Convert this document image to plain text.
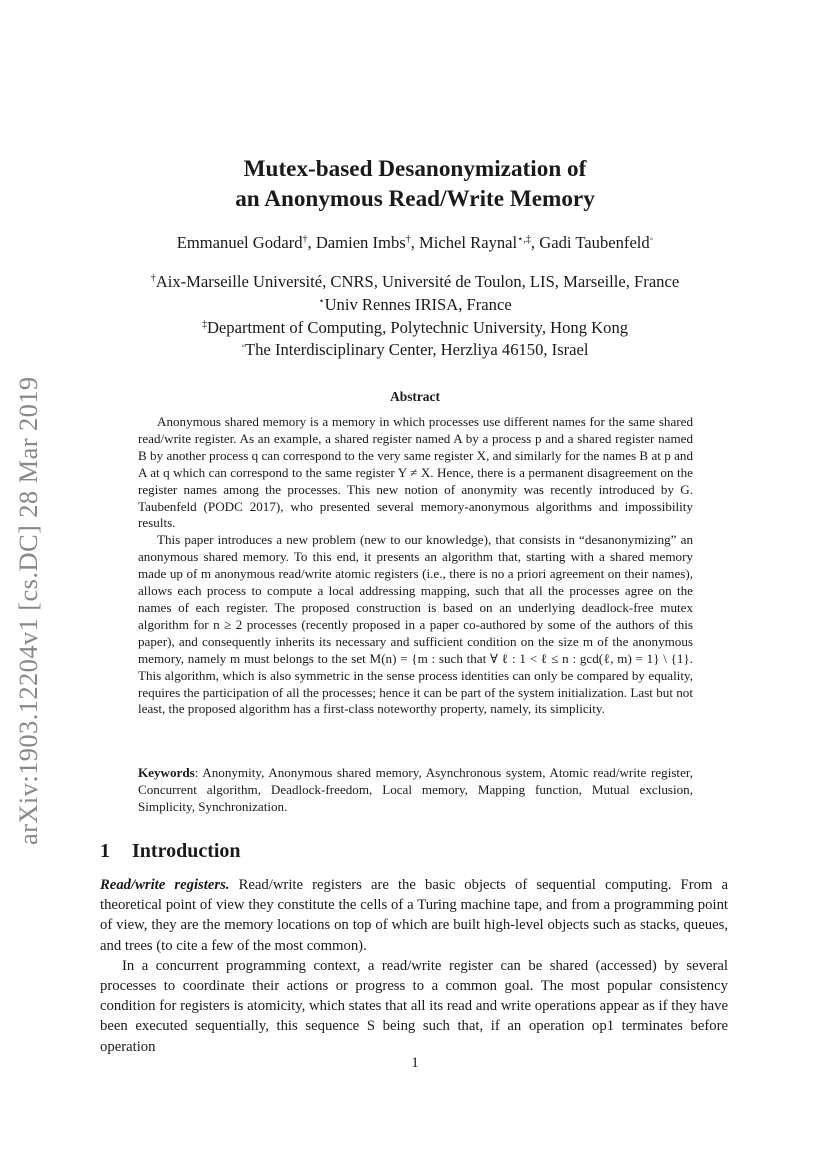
arXiv:1903.12204v1 [cs.DC] 28 Mar 2019
Mutex-based Desanonymization of
an Anonymous Read/Write Memory
Emmanuel Godard†, Damien Imbs†, Michel Raynal⋆,‡, Gadi Taubenfeld◦
†Aix-Marseille Université, CNRS, Université de Toulon, LIS, Marseille, France
⋆Univ Rennes IRISA, France
‡Department of Computing, Polytechnic University, Hong Kong
◦The Interdisciplinary Center, Herzliya 46150, Israel
Abstract

Anonymous shared memory is a memory in which processes use different names for the same shared read/write register. As an example, a shared register named A by a process p and a shared register named B by another process q can correspond to the very same register X, and similarly for the names B at p and A at q which can correspond to the same register Y ≠ X. Hence, there is a permanent disagreement on the register names among the processes. This new notion of anonymity was recently introduced by G. Taubenfeld (PODC 2017), who presented several memory-anonymous algorithms and impossibility results.

This paper introduces a new problem (new to our knowledge), that consists in “desanonymizing” an anonymous shared memory. To this end, it presents an algorithm that, starting with a shared memory made up of m anonymous read/write atomic registers (i.e., there is no a priori agreement on their names), allows each process to compute a local addressing mapping, such that all the processes agree on the names of each register. The proposed construction is based on an underlying deadlock-free mutex algorithm for n ≥ 2 processes (recently proposed in a paper co-authored by some of the authors of this paper), and consequently inherits its necessary and sufficient condition on the size m of the anonymous memory, namely m must belongs to the set M(n) = {m : such that ∀ ℓ : 1 < ℓ ≤ n : gcd(ℓ, m) = 1} \ {1}. This algorithm, which is also symmetric in the sense process identities can only be compared by equality, requires the participation of all the processes; hence it can be part of the system initialization. Last but not least, the proposed algorithm has a first-class noteworthy property, namely, its simplicity.

Keywords: Anonymity, Anonymous shared memory, Asynchronous system, Atomic read/write register, Concurrent algorithm, Deadlock-freedom, Local memory, Mapping function, Mutual exclusion, Simplicity, Synchronization.
1 Introduction

Read/write registers. Read/write registers are the basic objects of sequential computing. From a theoretical point of view they constitute the cells of a Turing machine tape, and from a programming point of view, they are the memory locations on top of which are built high-level objects such as stacks, queues, and trees (to cite a few of the most common).

In a concurrent programming context, a read/write register can be shared (accessed) by several processes to coordinate their actions or progress to a common goal. The most popular consistency condition for registers is atomicity, which states that all its read and write operations appear as if they have been executed sequentially, this sequence S being such that, if an operation op1 terminates before operation

1
